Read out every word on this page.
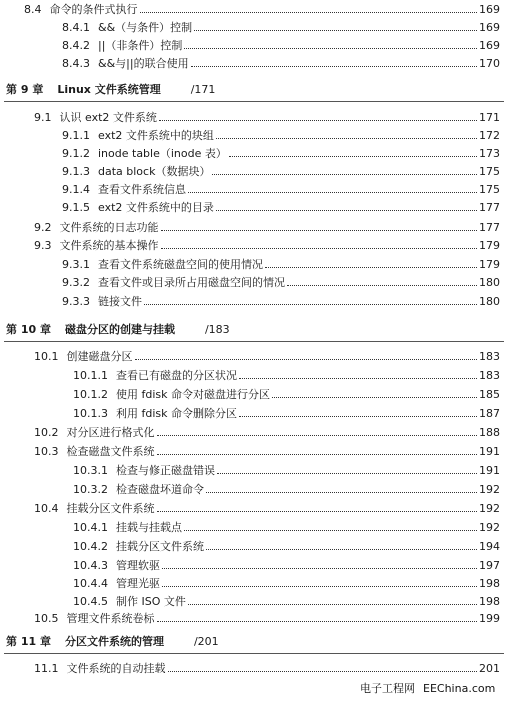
8.4 命令的条件式执行	169
8.4.1 &&（与条件）控制	169
8.4.2 ||（非条件）控制	169
8.4.3 &&与||的联合使用	170
第 9 章 Linux 文件系统管理	/171
9.1 认识 ext2 文件系统	171
9.1.1 ext2 文件系统中的块组	172
9.1.2 inode table（inode 表）	173
9.1.3 data block（数据块）	175
9.1.4 查看文件系统信息	175
9.1.5 ext2 文件系统中的目录	177
9.2 文件系统的日志功能	177
9.3 文件系统的基本操作	179
9.3.1 查看文件系统磁盘空间的使用情况	179
9.3.2 查看文件或目录所占用磁盘空间的情况	180
9.3.3 链接文件	180
第 10 章 磁盘分区的创建与挂载	/183
10.1 创建磁盘分区	183
10.1.1 查看已有磁盘的分区状况	183
10.1.2 使用 fdisk 命令对磁盘进行分区	185
10.1.3 利用 fdisk 命令删除分区	187
10.2 对分区进行格式化	188
10.3 检查磁盘文件系统	191
10.3.1 检查与修正磁盘错误	191
10.3.2 检查磁盘坏道命令	192
10.4 挂载分区文件系统	192
10.4.1 挂载与挂载点	192
10.4.2 挂载分区文件系统	194
10.4.3 管理软驱	197
10.4.4 管理光驱	198
10.4.5 制作 ISO 文件	198
10.5 管理文件系统卷标	199
第 11 章 分区文件系统的管理	/201
11.1 文件系统的自动挂载	201
电子工程网 EEChina.com
